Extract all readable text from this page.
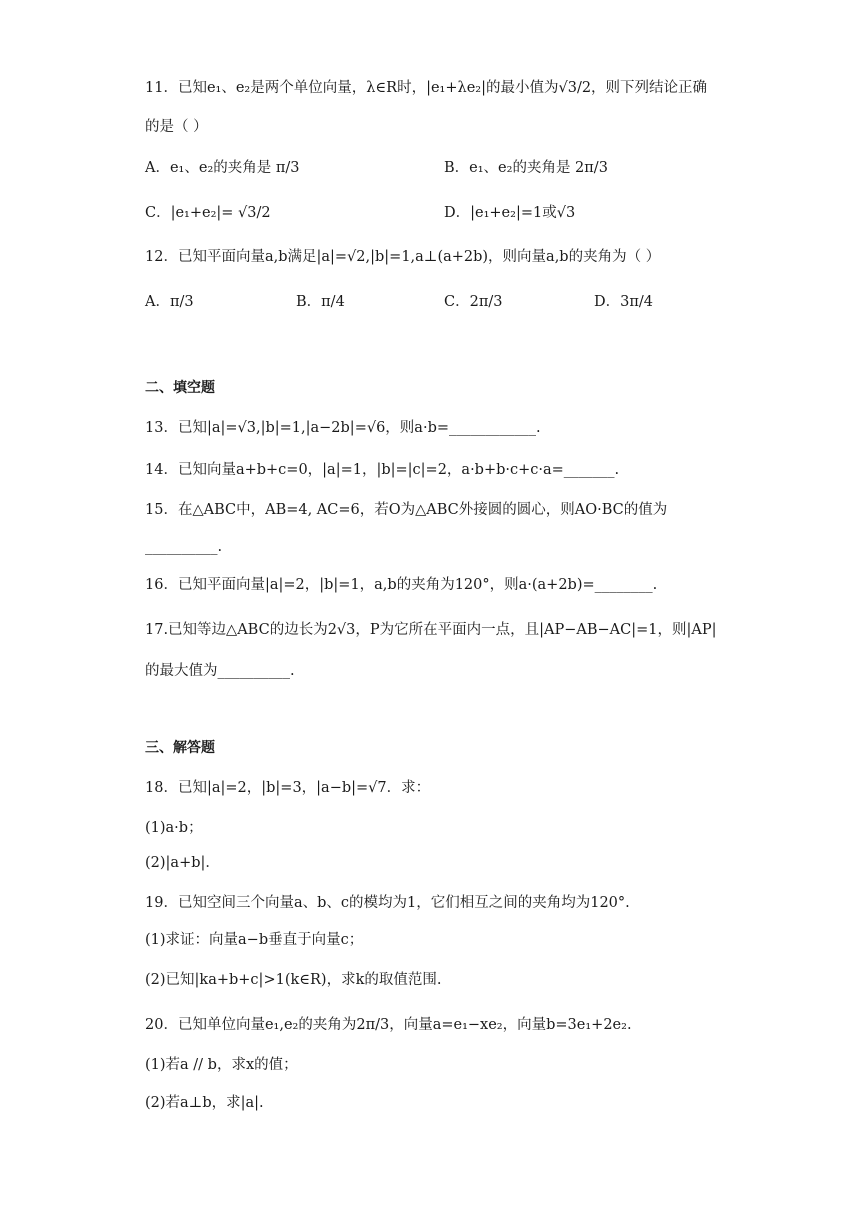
11．已知e₁、e₂是两个单位向量，λ∈R时，|e₁+λe₂|的最小值为√3/2，则下列结论正确
的是（ ）
A．e₁、e₂的夹角是 π/3	B．e₁、e₂的夹角是 2π/3
C．|e₁+e₂|= √3/2	D．|e₁+e₂|=1或√3
12．已知平面向量a,b满足|a|=√2,|b|=1,a⊥(a+2b)，则向量a,b的夹角为（ ）
A．π/3	B．π/4	C．2π/3	D．3π/4
二、填空题
13．已知|a|=√3,|b|=1,|a−2b|=√6，则a·b=____________.
14．已知向量a+b+c=0，|a|=1，|b|=|c|=2，a·b+b·c+c·a=_______.
15．在△ABC中，AB=4, AC=6，若O为△ABC外接圆的圆心，则AO·BC的值为
__________.
16．已知平面向量|a|=2，|b|=1，a,b的夹角为120°，则a·(a+2b)=________.
17.已知等边△ABC的边长为2√3，P为它所在平面内一点，且|AP−AB−AC|=1，则|AP|
的最大值为__________.
三、解答题
18．已知|a|=2，|b|=3，|a−b|=√7．求：
(1)a·b；
(2)|a+b|．
19．已知空间三个向量a、b、c的模均为1，它们相互之间的夹角均为120°.
(1)求证：向量a−b垂直于向量c；
(2)已知|ka+b+c|>1(k∈R)，求k的取值范围.
20．已知单位向量e₁,e₂的夹角为2π/3，向量a=e₁−xe₂，向量b=3e₁+2e₂.
(1)若a // b，求x的值；
(2)若a⊥b，求|a|.
